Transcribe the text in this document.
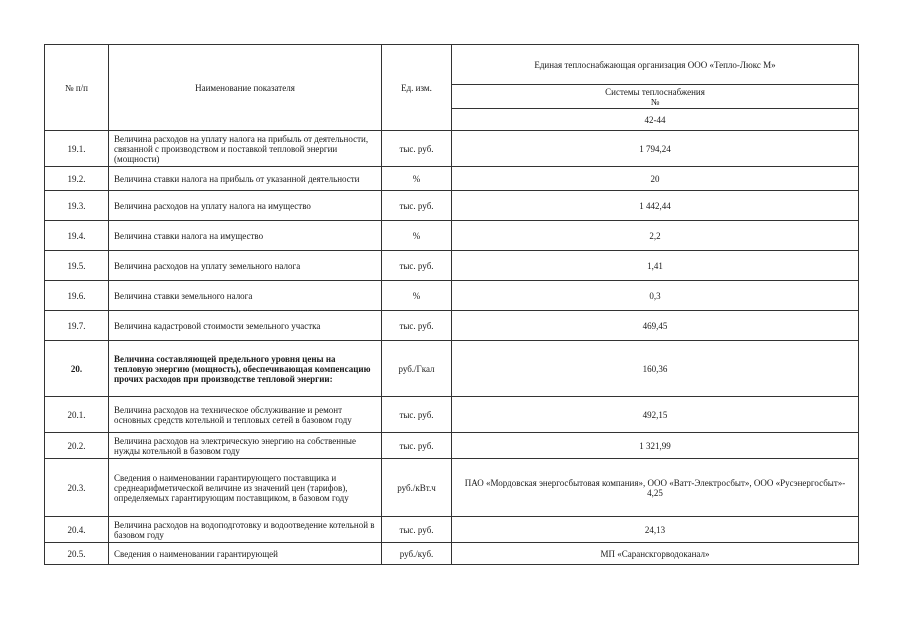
№ п/п	Наименование показателя	Ед. изм.	Единая теплоснабжающая организация ООО «Тепло-Люкс М»

			Системы теплоснабжения
№

			42-44
19.1.	Величина расходов на уплату налога на прибыль от деятельности, связанной с производством и поставкой тепловой энергии (мощности)	тыс. руб.	1 794,24
19.2.	Величина ставки налога на прибыль от указанной деятельности	%	20
19.3.	Величина расходов на уплату налога на имущество	тыс. руб.	1 442,44
19.4.	Величина ставки налога на имущество	%	2,2
19.5.	Величина расходов на уплату земельного налога	тыс. руб.	1,41
19.6.	Величина ставки земельного налога	%	0,3
19.7.	Величина кадастровой стоимости земельного участка	тыс. руб.	469,45
20.	Величина составляющей предельного уровня цены на тепловую энергию (мощность), обеспечивающая компенсацию прочих расходов при производстве тепловой энергии:	руб./Гкал	160,36
20.1.	Величина расходов на техническое обслуживание и ремонт основных средств котельной и тепловых сетей в базовом году	тыс. руб.	492,15
20.2.	Величина расходов на электрическую энергию на собственные нужды котельной в базовом году	тыс. руб.	1 321,99
20.3.	Сведения о наименовании гарантирующего поставщика и среднеарифметической величине из значений цен (тарифов), определяемых гарантирующим поставщиком, в базовом году	руб./кВт.ч	ПАО «Мордовская энергосбытовая компания», ООО «Ватт-Электросбыт», ООО «Русэнергосбыт»- 4,25
20.4.	Величина расходов на водоподготовку и водоотведение котельной в базовом году	тыс. руб.	24,13
20.5.	Сведения о наименовании гарантирующей	руб./куб.	МП «Саранскгорводоканал»
